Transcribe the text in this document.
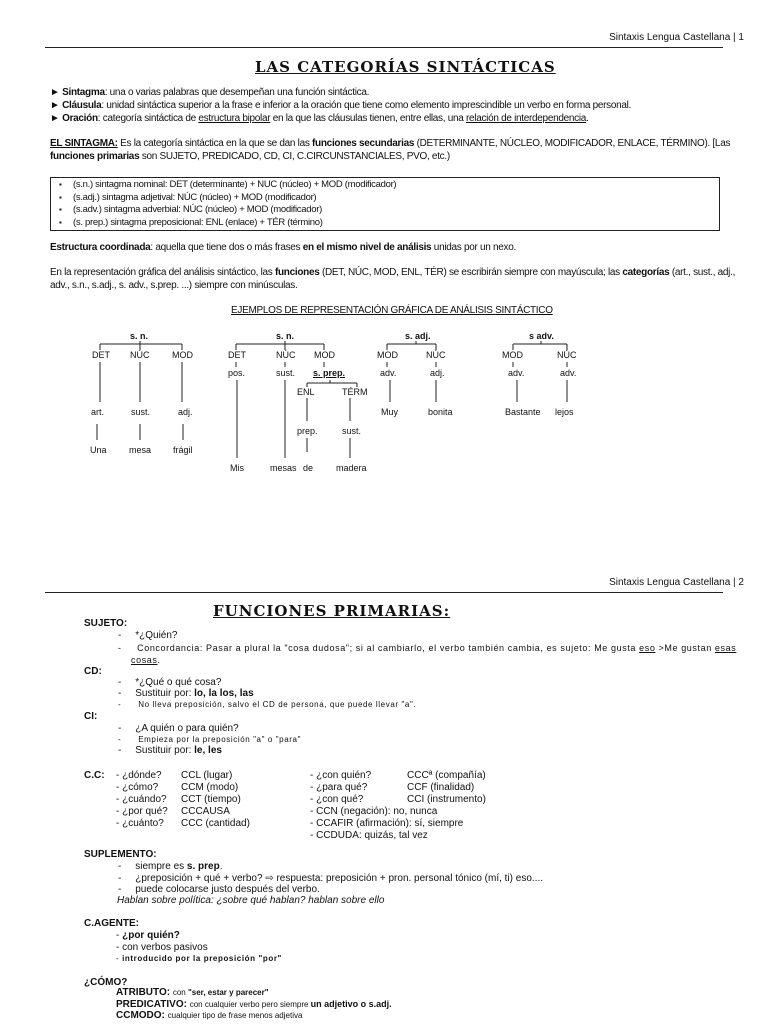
Sintaxis Lengua Castellana | 1
LAS CATEGORÍAS SINTÁCTICAS
► Sintagma: una o varias palabras que desempeñan una función sintáctica.
► Cláusula: unidad sintáctica superior a la frase e inferior a la oración que tiene como elemento imprescindible un verbo en forma personal.
► Oración: categoría sintáctica de estructura bipolar en la que las cláusulas tienen, entre ellas, una relación de interdependencia.
EL SINTAGMA: Es la categoría sintáctica en la que se dan las funciones secundarias (DETERMINANTE, NÚCLEO, MODIFICADOR, ENLACE, TÉRMINO). [Las
funciones primarias son SUJETO, PREDICADO, CD, CI, C.CIRCUNSTANCIALES, PVO, etc.)
▪ (s.n.) sintagma nominal: DET (determinante) + NUC (núcleo) + MOD (modificador)
▪ (s.adj.) sintagma adjetival: NÚC (núcleo) + MOD (modificador)
▪ (s.adv.) sintagma adverbial: NÚC (núcleo) + MOD (modificador)
▪ (s. prep.) sintagma preposicional: ENL (enlace) + TÉR (término)
Estructura coordinada: aquella que tiene dos o más frases en el mismo nivel de análisis unidas por un nexo.
En la representación gráfica del análisis sintáctico, las funciones (DET, NÚC, MOD, ENL, TÉR) se escribirán siempre con mayúscula; las categorías (art., sust., adj.,
adv., s.n., s.adj., s. adv., s.prep. ...) siempre con minúsculas.
EJEMPLOS DE REPRESENTACIÓN GRÁFICA DE ANÁLISIS SINTÁCTICO
s. n.
DET NÚC	MOD
art.	sust.	adj.
Una mesa frágil
s. n.
DET	NÚC MOD
pos.	sust. s. prep.
ENL	TÉRM
prep.	sust.
Mis	mesas de	madera
s. adj.
MOD	NÚC
adv.	adj.
Muy	bonita
s adv.
MOD	NÚC
adv.	adv.
Bastante lejos
Sintaxis Lengua Castellana | 2
FUNCIONES PRIMARIAS:
SUJETO:
-     *¿Quién?
-     Concordancia: Pasar a plural la "cosa dudosa"; si al cambiarlo, el verbo también cambia, es sujeto: Me gusta eso >Me gustan esas
cosas.
CD:
-     *¿Qué o qué cosa?
-     Sustituir por: lo, la los, las
-      No lleva preposición, salvo el CD de persona, que puede llevar "a".
CI:
-     ¿A quién o para quién?
-      Empieza por la preposición "a" o "para"
-     Sustituir por: le, les
C.C: - ¿dónde? CCL (lugar)
- ¿cómo? CCM (modo)
- ¿cuándo? CCT (tiempo)
- ¿por qué? CCCAUSA
- ¿cuánto? CCC (cantidad)
- ¿con quién?	CCCª (compañía)
- ¿para qué?	CCF (finalidad)
- ¿con qué?	CCI (instrumento)
- CCN (negación): no, nunca
- CCAFIR (afirmación): sí, siempre
- CCDUDA: quizás, tal vez
SUPLEMENTO:
-     siempre es s. prep.
-     ¿preposición + qué + verbo? ⇨ respuesta: preposición + pron. personal tónico (mí, ti) eso....
-     puede colocarse justo después del verbo.
Hablan sobre política: ¿sobre qué hablan? hablan sobre ello
C.AGENTE:
- ¿por quién?
- con verbos pasivos
- introducido por la preposición "por"
¿CÓMO?
ATRIBUTO: con "ser, estar y parecer"
PREDICATIVO: con cualquier verbo pero siempre un adjetivo o s.adj.
CCMODO: cualquier tipo de frase menos adjetiva
